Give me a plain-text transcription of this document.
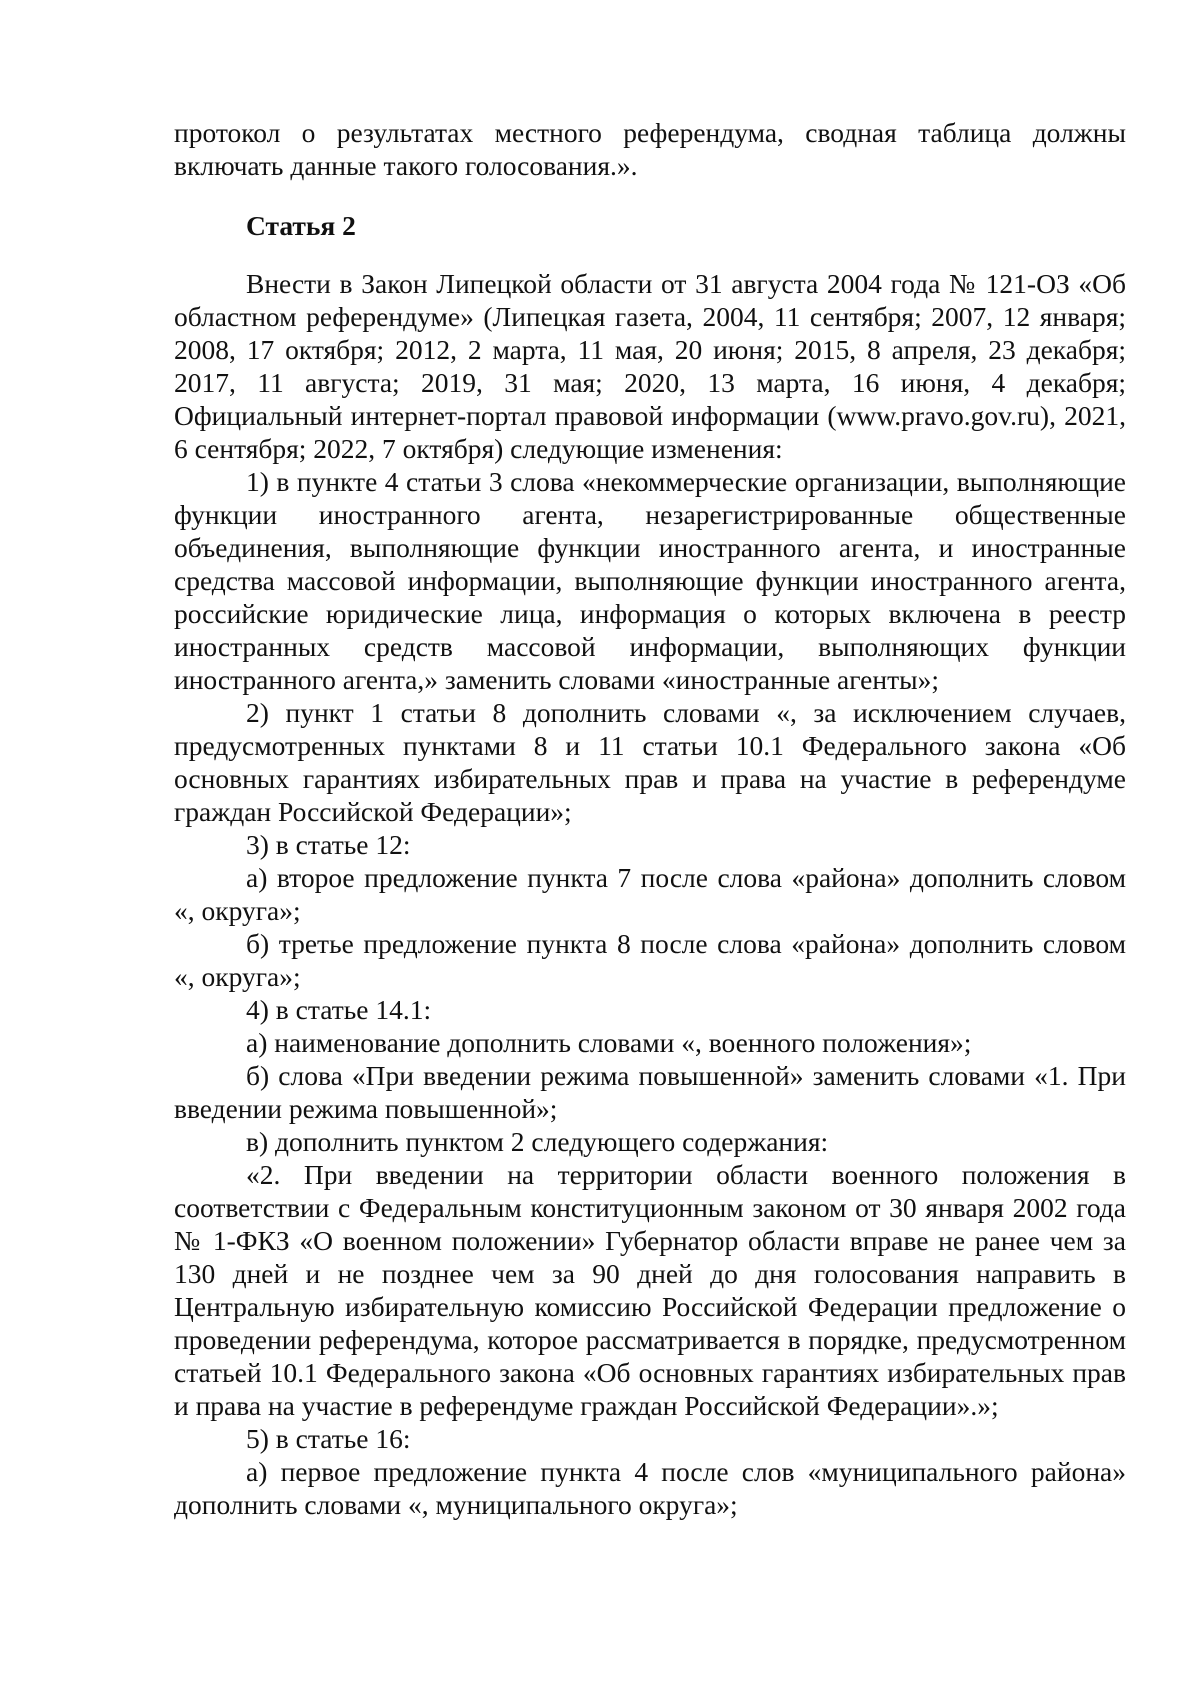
протокол о результатах местного референдума, сводная таблица должны включать данные такого голосования.».

Статья 2

Внести в Закон Липецкой области от 31 августа 2004 года № 121-ОЗ «Об областном референдуме» (Липецкая газета, 2004, 11 сентября; 2007, 12 января; 2008, 17 октября; 2012, 2 марта, 11 мая, 20 июня; 2015, 8 апреля, 23 декабря; 2017, 11 августа; 2019, 31 мая; 2020, 13 марта, 16 июня, 4 декабря; Официальный интернет-портал правовой информации (www.pravo.gov.ru), 2021, 6 сентября; 2022, 7 октября) следующие изменения:

1) в пункте 4 статьи 3 слова «некоммерческие организации, выполняющие функции иностранного агента, незарегистрированные общественные объединения, выполняющие функции иностранного агента, и иностранные средства массовой информации, выполняющие функции иностранного агента, российские юридические лица, информация о которых включена в реестр иностранных средств массовой информации, выполняющих функции иностранного агента,» заменить словами «иностранные агенты»;

2) пункт 1 статьи 8 дополнить словами «, за исключением случаев, предусмотренных пунктами 8 и 11 статьи 10.1 Федерального закона «Об основных гарантиях избирательных прав и права на участие в референдуме граждан Российской Федерации»;

3) в статье 12:

а) второе предложение пункта 7 после слова «района» дополнить словом «, округа»;

б) третье предложение пункта 8 после слова «района» дополнить словом «, округа»;

4) в статье 14.1:

а) наименование дополнить словами «, военного положения»;

б) слова «При введении режима повышенной» заменить словами «1. При введении режима повышенной»;

в) дополнить пунктом 2 следующего содержания:

«2. При введении на территории области военного положения в соответствии с Федеральным конституционным законом от 30 января 2002 года № 1-ФКЗ «О военном положении» Губернатор области вправе не ранее чем за 130 дней и не позднее чем за 90 дней до дня голосования направить в Центральную избирательную комиссию Российской Федерации предложение о проведении референдума, которое рассматривается в порядке, предусмотренном статьей 10.1 Федерального закона «Об основных гарантиях избирательных прав и права на участие в референдуме граждан Российской Федерации».»;

5) в статье 16:

а) первое предложение пункта 4 после слов «муниципального района» дополнить словами «, муниципального округа»;
